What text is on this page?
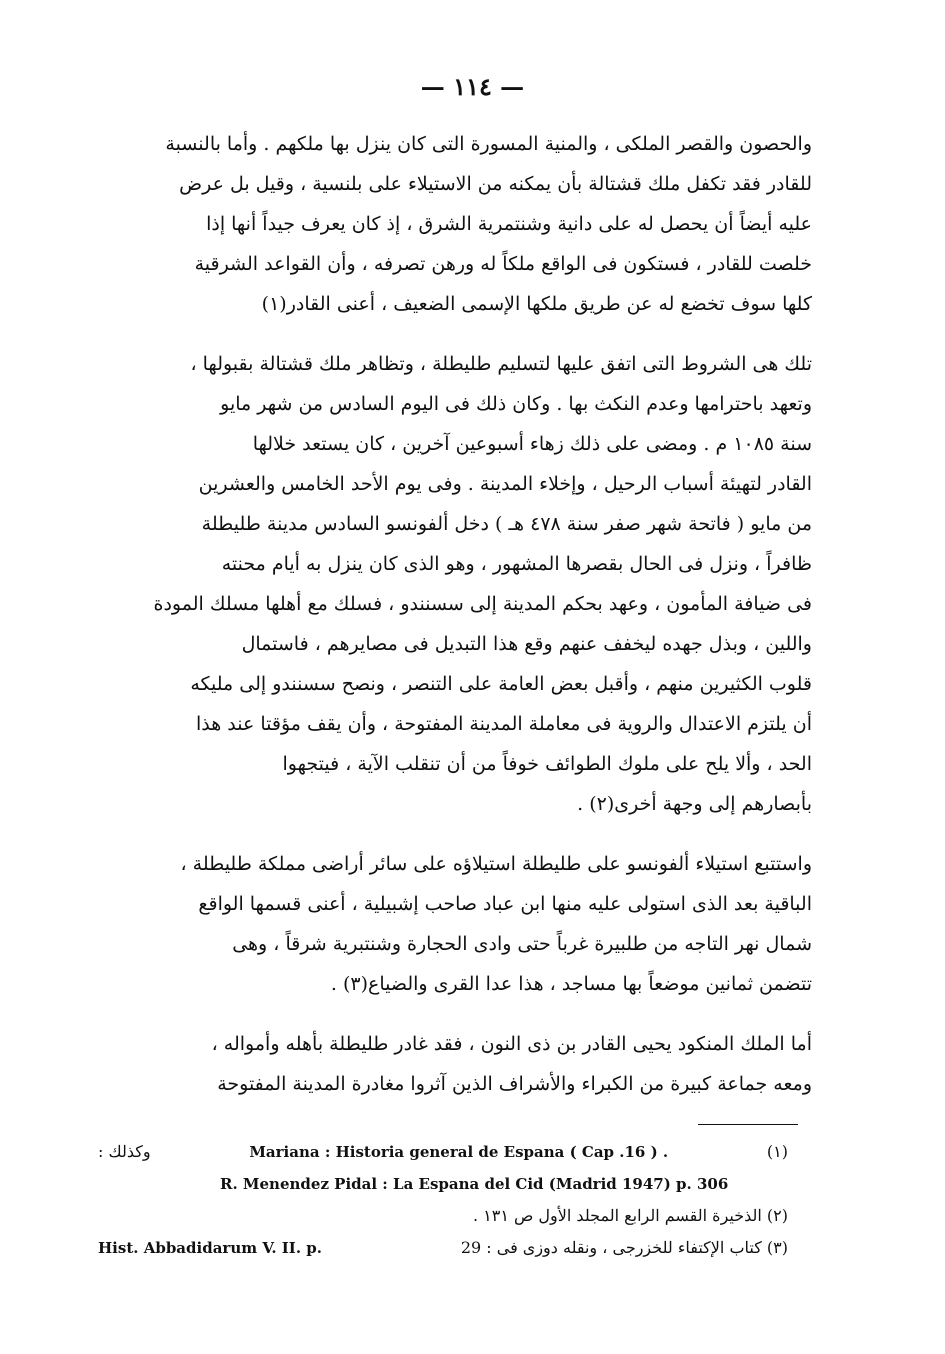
— ١١٤ —
والحصون والقصر الملكى ، والمنية المسورة التى كان ينزل بها ملكهم . وأما بالنسبة
للقادر فقد تكفل ملك قشتالة بأن يمكنه من الاستيلاء على بلنسية ، وقيل بل عرض
عليه أيضاً أن يحصل له على دانية وشنتمرية الشرق ، إذ كان يعرف جيداً أنها إذا
خلصت للقادر ، فستكون فى الواقع ملكاً له ورهن تصرفه ، وأن القواعد الشرقية
كلها سوف تخضع له عن طريق ملكها الإسمى الضعيف ، أعنى القادر(١)
تلك هى الشروط التى اتفق عليها لتسليم طليطلة ، وتظاهر ملك قشتالة بقبولها ،
وتعهد باحترامها وعدم النكث بها . وكان ذلك فى اليوم السادس من شهر مايو
سنة ١٠٨٥ م . ومضى على ذلك زهاء أسبوعين آخرين ، كان يستعد خلالها
القادر لتهيئة أسباب الرحيل ، وإخلاء المدينة . وفى يوم الأحد الخامس والعشرين
من مايو ( فاتحة شهر صفر سنة ٤٧٨ هـ ) دخل ألفونسو السادس مدينة طليطلة
ظافراً ، ونزل فى الحال بقصرها المشهور ، وهو الذى كان ينزل به أيام محنته
فى ضيافة المأمون ، وعهد بحكم المدينة إلى سسنندو ، فسلك مع أهلها مسلك المودة
واللين ، وبذل جهده ليخفف عنهم وقع هذا التبديل فى مصايرهم ، فاستمال
قلوب الكثيرين منهم ، وأقبل بعض العامة على التنصر ، ونصح سسنندو إلى مليكه
أن يلتزم الاعتدال والروية فى معاملة المدينة المفتوحة ، وأن يقف مؤقتا عند هذا
الحد ، وألا يلح على ملوك الطوائف خوفاً من أن تنقلب الآية ، فيتجهوا
بأبصارهم إلى وجهة أخرى(٢) .
واستتبع استيلاء ألفونسو على طليطلة استيلاؤه على سائر أراضى مملكة طليطلة ،
الباقية بعد الذى استولى عليه منها ابن عباد صاحب إشبيلية ، أعنى قسمها الواقع
شمال نهر التاجه من طلبيرة غرباً حتى وادى الحجارة وشنتبرية شرقاً ، وهى
تتضمن ثمانين موضعاً بها مساجد ، هذا عدا القرى والضياع(٣) .
أما الملك المنكود يحيى القادر بن ذى النون ، فقد غادر طليطلة بأهله وأمواله ،
ومعه جماعة كبيرة من الكبراء والأشراف الذين آثروا مغادرة المدينة المفتوحة
وكذلك :	Mariana : Historia general de Espana ( Cap .16 ) .	(١)
R. Menendez Pidal : La Espana del Cid (Madrid 1947) p. 306
(٢) الذخيرة القسم الرابع المجلد الأول ص ١٣١ .
Hist. Abbadidarum V. II. p.	(٣) كتاب الإكتفاء للخزرجى ، ونقله دوزى فى : 29
